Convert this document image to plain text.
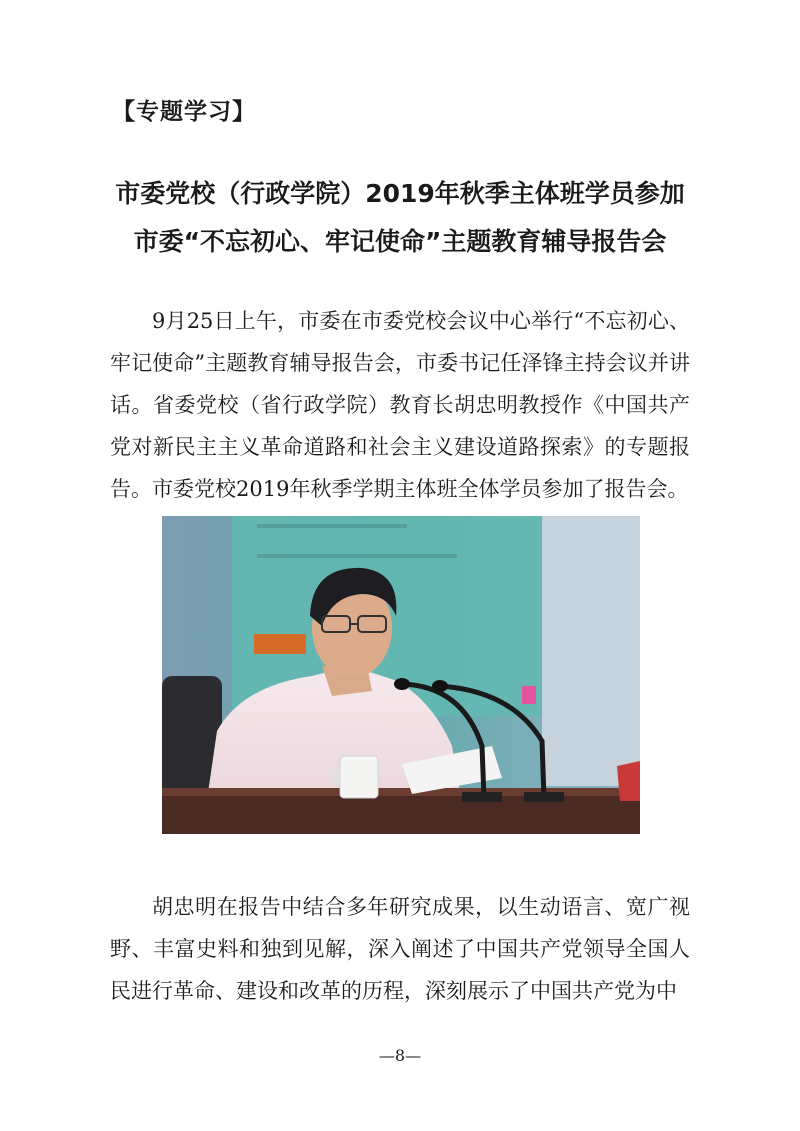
【专题学习】
市委党校（行政学院）2019年秋季主体班学员参加
市委“不忘初心、牢记使命”主题教育辅导报告会

9月25日上午，市委在市委党校会议中心举行“不忘初心、牢记使命”主题教育辅导报告会，市委书记任泽锋主持会议并讲话。省委党校（省行政学院）教育长胡忠明教授作《中国共产党对新民主主义革命道路和社会主义建设道路探索》的专题报告。市委党校2019年秋季学期主体班全体学员参加了报告会。

胡忠明在报告中结合多年研究成果，以生动语言、宽广视野、丰富史料和独到见解，深入阐述了中国共产党领导全国人民进行革命、建设和改革的历程，深刻展示了中国共产党为中

—8—
